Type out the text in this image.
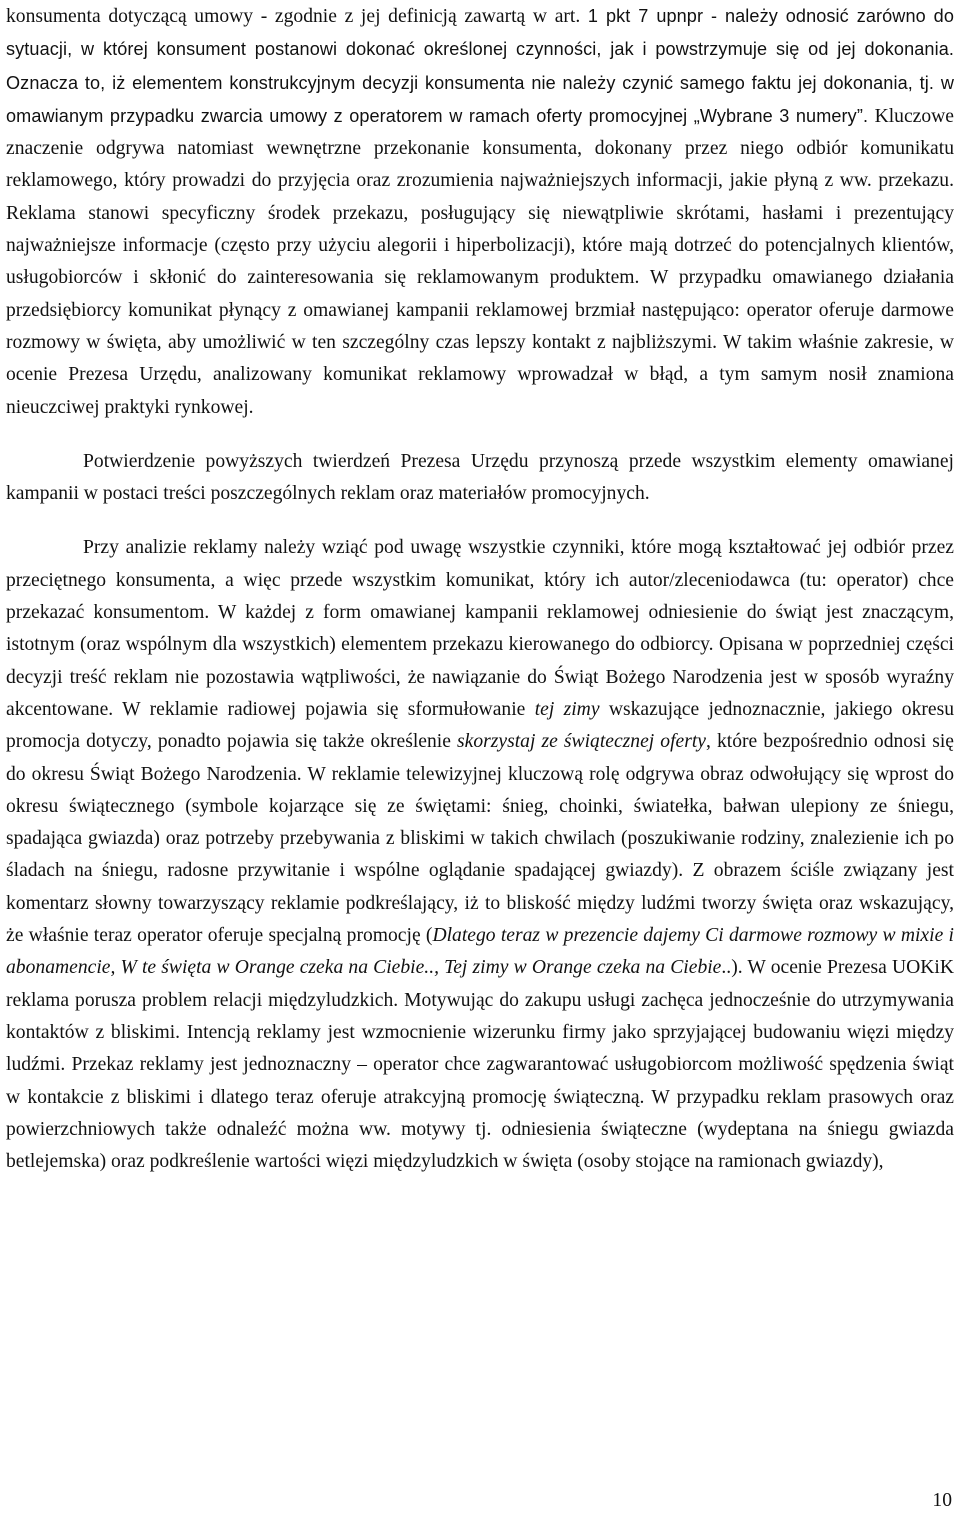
konsumenta dotyczącą umowy - zgodnie z jej definicją zawartą w art. 1 pkt 7 upnpr - należy odnosić zarówno do sytuacji, w której konsument postanowi dokonać określonej czynności, jak i powstrzymuje się od jej dokonania. Oznacza to, iż elementem konstrukcyjnym decyzji konsumenta nie należy czynić samego faktu jej dokonania, tj. w omawianym przypadku zwarcia umowy z operatorem w ramach oferty promocyjnej „Wybrane 3 numery”. Kluczowe znaczenie odgrywa natomiast wewnętrzne przekonanie konsumenta, dokonany przez niego odbiór komunikatu reklamowego, który prowadzi do przyjęcia oraz zrozumienia najważniejszych informacji, jakie płyną z ww. przekazu. Reklama stanowi specyficzny środek przekazu, posługujący się niewątpliwie skrótami, hasłami i prezentujący najważniejsze informacje (często przy użyciu alegorii i hiperbolizacji), które mają dotrzeć do potencjalnych klientów, usługobiorców i skłonić do zainteresowania się reklamowanym produktem. W przypadku omawianego działania przedsiębiorcy komunikat płynący z omawianej kampanii reklamowej brzmiał następująco: operator oferuje darmowe rozmowy w święta, aby umożliwić w ten szczególny czas lepszy kontakt z najbliższymi. W takim właśnie zakresie, w ocenie Prezesa Urzędu, analizowany komunikat reklamowy wprowadzał w błąd, a tym samym nosił znamiona nieuczciwej praktyki rynkowej.

Potwierdzenie powyższych twierdzeń Prezesa Urzędu przynoszą przede wszystkim elementy omawianej kampanii w postaci treści poszczególnych reklam oraz materiałów promocyjnych.

Przy analizie reklamy należy wziąć pod uwagę wszystkie czynniki, które mogą kształtować jej odbiór przez przeciętnego konsumenta, a więc przede wszystkim komunikat, który ich autor/zleceniodawca (tu: operator) chce przekazać konsumentom. W każdej z form omawianej kampanii reklamowej odniesienie do świąt jest znaczącym, istotnym (oraz wspólnym dla wszystkich) elementem przekazu kierowanego do odbiorcy. Opisana w poprzedniej części decyzji treść reklam nie pozostawia wątpliwości, że nawiązanie do Świąt Bożego Narodzenia jest w sposób wyraźny akcentowane. W reklamie radiowej pojawia się sformułowanie tej zimy wskazujące jednoznacznie, jakiego okresu promocja dotyczy, ponadto pojawia się także określenie skorzystaj ze świątecznej oferty, które bezpośrednio odnosi się do okresu Świąt Bożego Narodzenia. W reklamie telewizyjnej kluczową rolę odgrywa obraz odwołujący się wprost do okresu świątecznego (symbole kojarzące się ze świętami: śnieg, choinki, światełka, bałwan ulepiony ze śniegu, spadająca gwiazda) oraz potrzeby przebywania z bliskimi w takich chwilach (poszukiwanie rodziny, znalezienie ich po śladach na śniegu, radosne przywitanie i wspólne oglądanie spadającej gwiazdy). Z obrazem ściśle związany jest komentarz słowny towarzyszący reklamie podkreślający, iż to bliskość między ludźmi tworzy święta oraz wskazujący, że właśnie teraz operator oferuje specjalną promocję (Dlatego teraz w prezencie dajemy Ci darmowe rozmowy w mixie i abonamencie, W te święta w Orange czeka na Ciebie.., Tej zimy w Orange czeka na Ciebie..). W ocenie Prezesa UOKiK reklama porusza problem relacji międzyludzkich. Motywując do zakupu usługi zachęca jednocześnie do utrzymywania kontaktów z bliskimi. Intencją reklamy jest wzmocnienie wizerunku firmy jako sprzyjającej budowaniu więzi między ludźmi. Przekaz reklamy jest jednoznaczny – operator chce zagwarantować usługobiorcom możliwość spędzenia świąt w kontakcie z bliskimi i dlatego teraz oferuje atrakcyjną promocję świąteczną. W przypadku reklam prasowych oraz powierzchniowych także odnaleźć można ww. motywy tj. odniesienia świąteczne (wydeptana na śniegu gwiazda betlejemska) oraz podkreślenie wartości więzi międzyludzkich w święta (osoby stojące na ramionach gwiazdy),

10
